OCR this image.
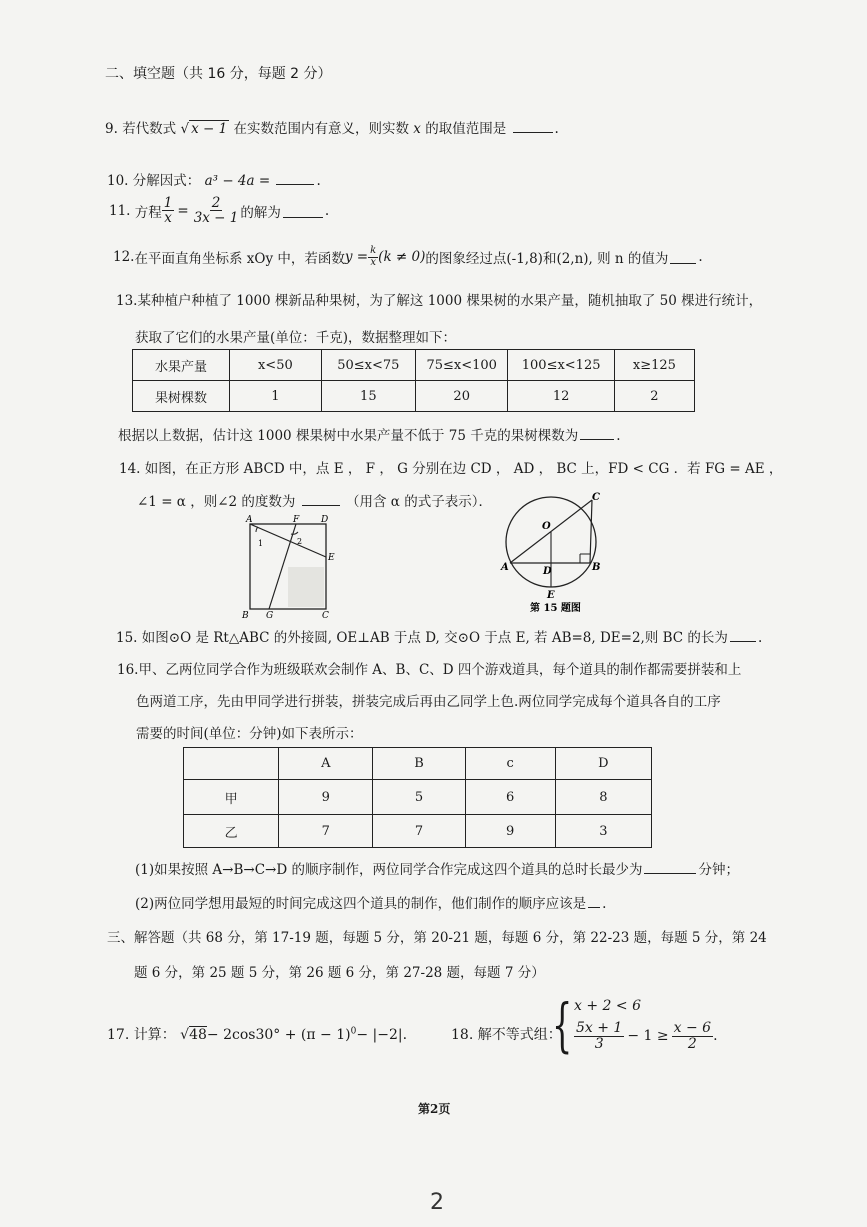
二、填空题（共 16 分，每题 2 分）
9. 若代数式 √ x − 1 在实数范围内有意义，则实数 x 的取值范围是	.
10. 分解因式： a³ − 4a =	.
11.
方程 $\frac{1}{x} = \frac{2}{3x - 1}$ 的解为	.
12. 在平面直角坐标系 xOy 中，若函数 $y = \frac{k}{x} (k \ne 0)$ 的图象经过点(-1,8)和(2,n), 则 n 的值为 .
13.某种植户种植了 1000 棵新品种果树，为了解这 1000 棵果树的水果产量，随机抽取了 50 棵进行统计，
获取了它们的水果产量(单位：千克)，数据整理如下：
水果产量	x<50	50≤x<75	75≤x<100	100≤x<125	x≥125
果树棵数	1	15	20	12	2
根据以上数据，估计这 1000 棵果树中水果产量不低于 75 千克的果树棵数为	.
14. 如图，在正方形 ABCD 中，点 E ， F ， G 分别在边 CD ， AD ， BC 上，FD < CG ．若 FG = AE ，
∠1 = α ，则∠2 的度数为	（用含 α 的式子表示）．
A	F D
E
B G	C
1	2
O
A	D	B
C
E
第 15 题图
15. 如图⊙O 是 Rt△ABC 的外接圆, OE⊥AB 于点 D, 交⊙O 于点 E, 若 AB=8, DE=2,则 BC 的长为 .
16.甲、乙两位同学合作为班级联欢会制作 A、B、C、D 四个游戏道具，每个道具的制作都需要拼装和上
色两道工序，先由甲同学进行拼装，拼装完成后再由乙同学上色.两位同学完成每个道具各自的工序
需要的时间(单位：分钟)如下表所示：
	A	B	c	D
甲	9	5	6	8
乙	7	7	9	3
(1)如果按照 A→B→C→D 的顺序制作，两位同学合作完成这四个道具的总时长最少为	分钟；
(2)两位同学想用最短的时间完成这四个道具的制作，他们制作的顺序应该是 .
三、解答题（共 68 分，第 17-19 题，每题 5 分，第 20-21 题，每题 6 分，第 22-23 题，每题 5 分，第 24
题 6 分，第 25 题 5 分，第 26 题 6 分，第 27-28 题，每题 7 分）
17. 计算： $√48- 2\cos 30^\circ + (\pi - 1)^0- |-2|$.	18. 解不等式组：
{ x + 2 < 6
$\frac{5x + 1}{3} - 1 \ge \frac{x - 6}{2}$ .
第2页
2
